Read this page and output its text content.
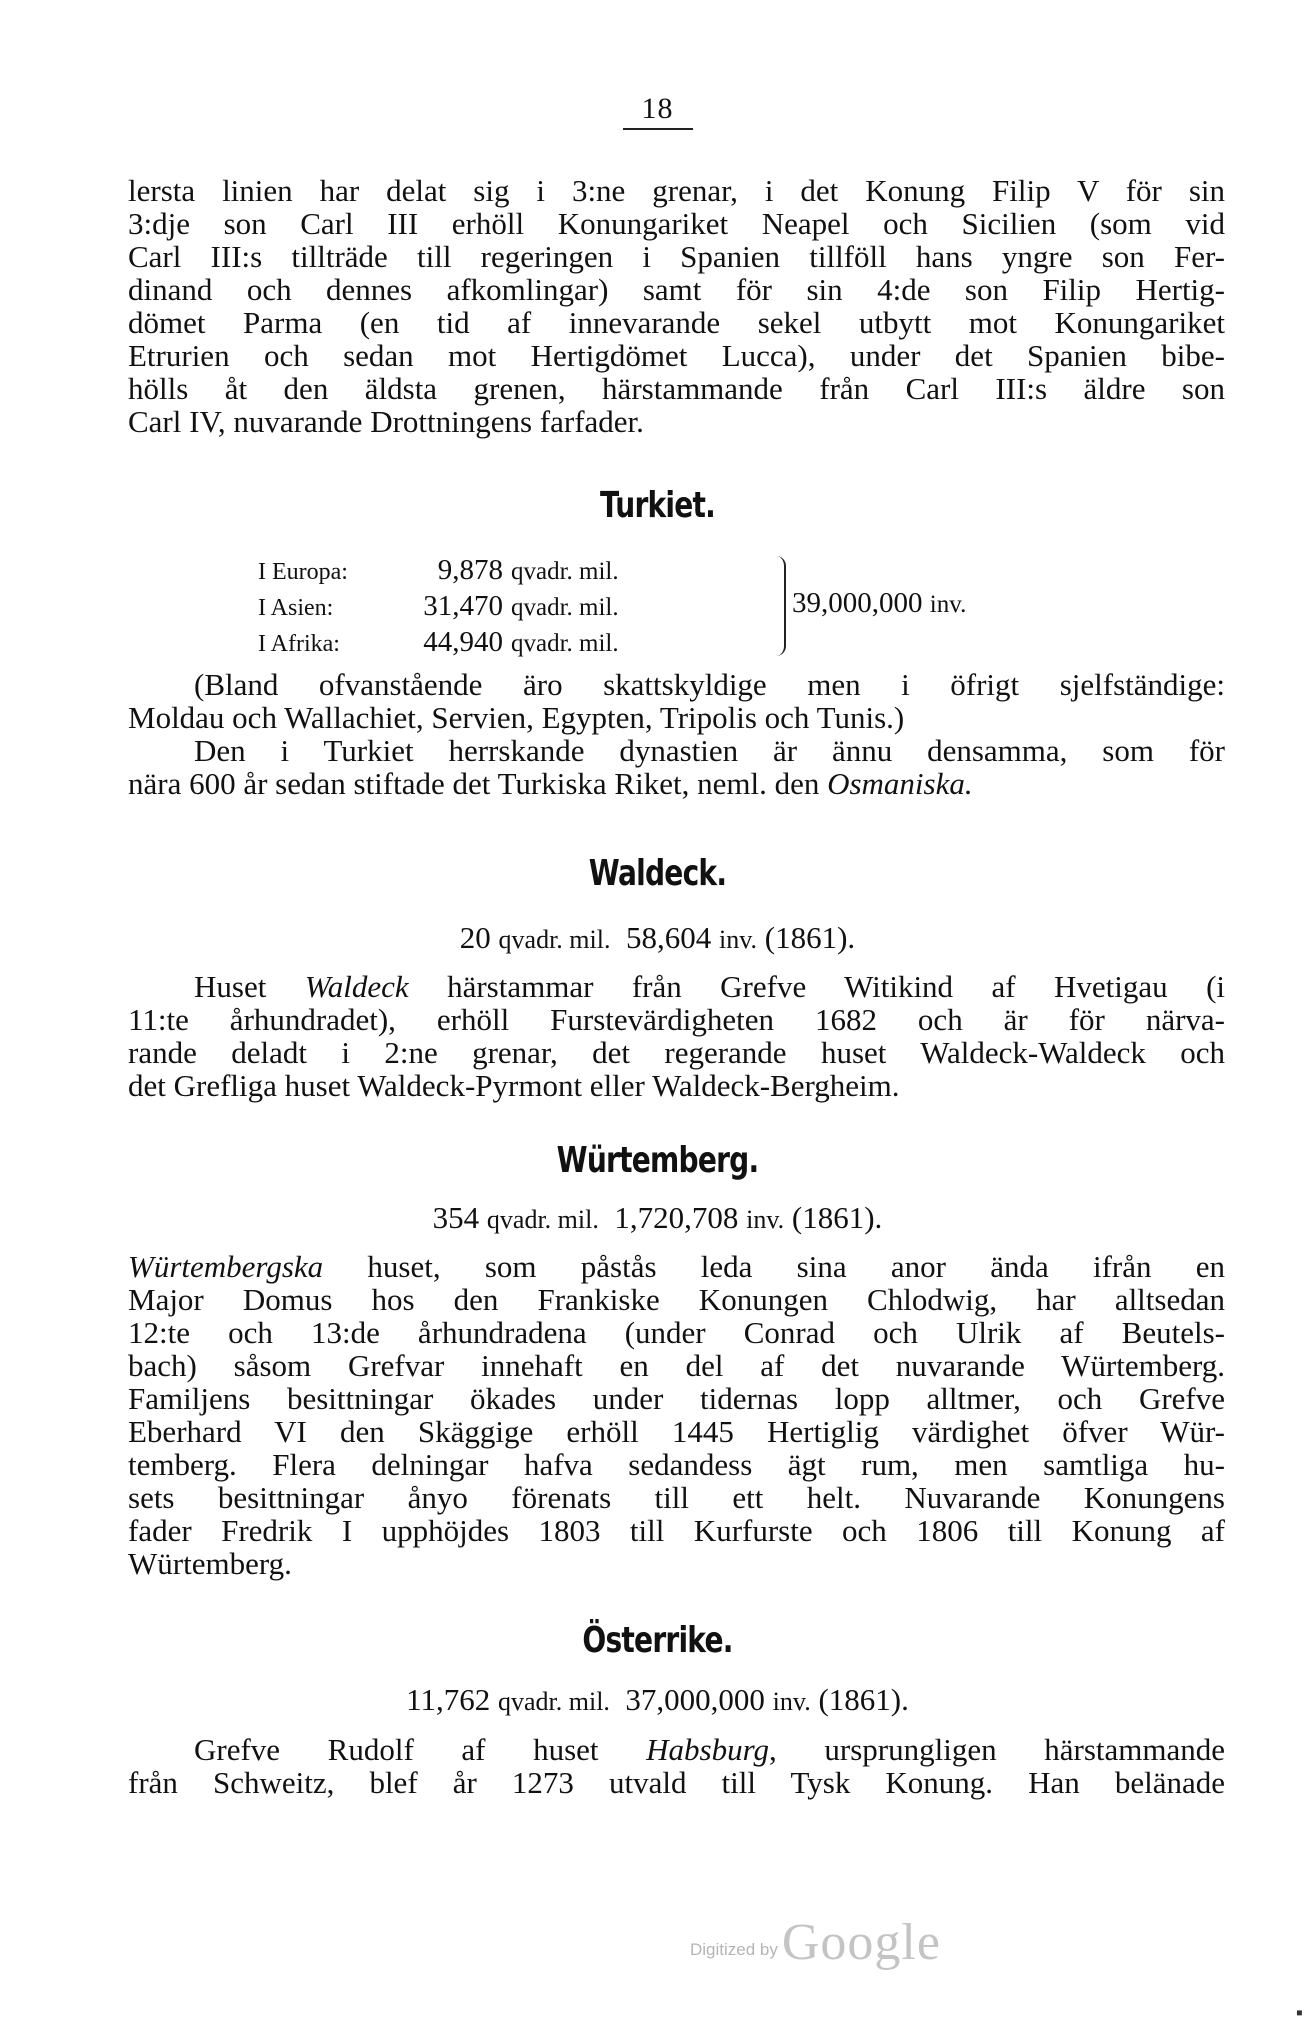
18
lersta linien har delat sig i 3:ne grenar, i det Konung Filip V för sin
3:dje son Carl III erhöll Konungariket Neapel och Sicilien (som vid
Carl III:s tillträde till regeringen i Spanien tillföll hans yngre son Fer-
dinand och dennes afkomlingar) samt för sin 4:de son Filip Hertig-
dömet Parma (en tid af innevarande sekel utbytt mot Konungariket
Etrurien och sedan mot Hertigdömet Lucca), under det Spanien bibe-
hölls åt den äldsta grenen, härstammande från Carl III:s äldre son
Carl IV, nuvarande Drottningens farfader.
Turkiet.
I Europa:	9,878 qvadr. mil.
I Asien:	31,470 qvadr. mil.
I Afrika:	44,940 qvadr. mil.
39,000,000 inv.
(Bland ofvanstående äro skattskyldige men i öfrigt sjelfständige:
Moldau och Wallachiet, Servien, Egypten, Tripolis och Tunis.)
Den i Turkiet herrskande dynastien är ännu densamma, som för
nära 600 år sedan stiftade det Turkiska Riket, neml. den Osmaniska.
Waldeck.
20 qvadr. mil. 58,604 inv. (1861).
Huset Waldeck härstammar från Grefve Witikind af Hvetigau (i
11:te århundradet), erhöll Furstevärdigheten 1682 och är för närva-
rande deladt i 2:ne grenar, det regerande huset Waldeck-Waldeck och
det Grefliga huset Waldeck-Pyrmont eller Waldeck-Bergheim.
Würtemberg.
354 qvadr. mil. 1,720,708 inv. (1861).
Würtembergska huset, som påstås leda sina anor ända ifrån en
Major Domus hos den Frankiske Konungen Chlodwig, har alltsedan
12:te och 13:de århundradena (under Conrad och Ulrik af Beutels-
bach) såsom Grefvar innehaft en del af det nuvarande Würtemberg.
Familjens besittningar ökades under tidernas lopp alltmer, och Grefve
Eberhard VI den Skäggige erhöll 1445 Hertiglig värdighet öfver Wür-
temberg. Flera delningar hafva sedandess ägt rum, men samtliga hu-
sets besittningar ånyo förenats till ett helt. Nuvarande Konungens
fader Fredrik I upphöjdes 1803 till Kurfurste och 1806 till Konung af
Würtemberg.
Österrike.
11,762 qvadr. mil. 37,000,000 inv. (1861).
Grefve Rudolf af huset Habsburg, ursprungligen härstammande
från Schweitz, blef år 1273 utvald till Tysk Konung. Han belänade
Digitized by Google
▪
